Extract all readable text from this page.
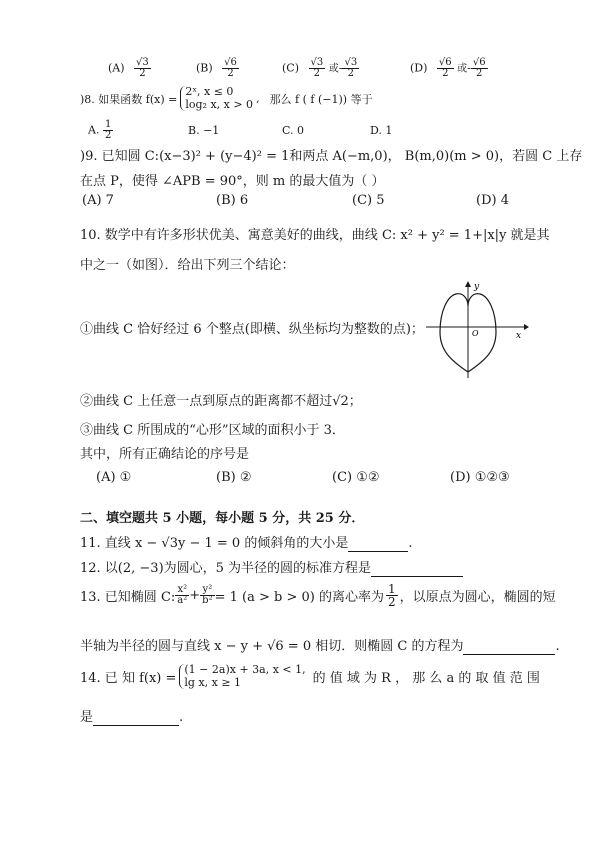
$(A) \frac{√3}{2}$	$(B) \frac{√6}{2}$	$(C) \frac{√3}{2}$ 或- $\frac{√3}{2}$	$(D) \frac{√6}{2}$ 或- $\frac{√6}{2}$
)8. 如果函数 f(x) =
2ˣ, x ≤ 0
log₂ x, x > 0 , 那么 f ( f (−1)) 等于
A. $\frac{1}{2}$	B. −1	C. 0	D. 1
)9. 已知圆 C:(x−3)² + (y−4)² = 1和两点 A(−m,0)， B(m,0)(m > 0)，若圆 C 上存
在点 P，使得 ∠APB = 90°，则 m 的最大值为（ ）
(A) 7	(B) 6	(C) 5	(D) 4
10. 数学中有许多形状优美、寓意美好的曲线，曲线 C: x² + y² = 1+|x|y 就是其
中之一（如图）．给出下列三个结论：
①曲线 C 恰好经过 6 个整点(即横、纵坐标均为整数的点)；
②曲线 C 上任意一点到原点的距离都不超过√2；
③曲线 C 所围成的“心形”区域的面积小于 3．
其中，所有正确结论的序号是
(A) ①	(B) ②	(C) ①②	(D) ①②③
y
x
O
二、填空题共 5 小题，每小题 5 分，共 25 分．
11. 直线 x − √3y − 1 = 0 的倾斜角的大小是	.
12. 以(2, −3)为圆心，5 为半径的圆的标准方程是
13. 已知椭圆 C: $\frac{\text{x²}}{\text{a²}} + \frac{\text{y²}}{\text{b²}} = 1$ (a > b > 0) 的离心率为 $\frac{1}{2}$ ，以原点为圆心，椭圆的短
半轴为半径的圆与直线 x − y + √6 = 0 相切．则椭圆 C 的方程为	.
14. 已 知 f(x) =
(1 − 2a)x + 3a, x < 1,
lg x, x ≥ 1	的 值 域 为 R ， 那 么 a 的 取 值 范 围
是	.
